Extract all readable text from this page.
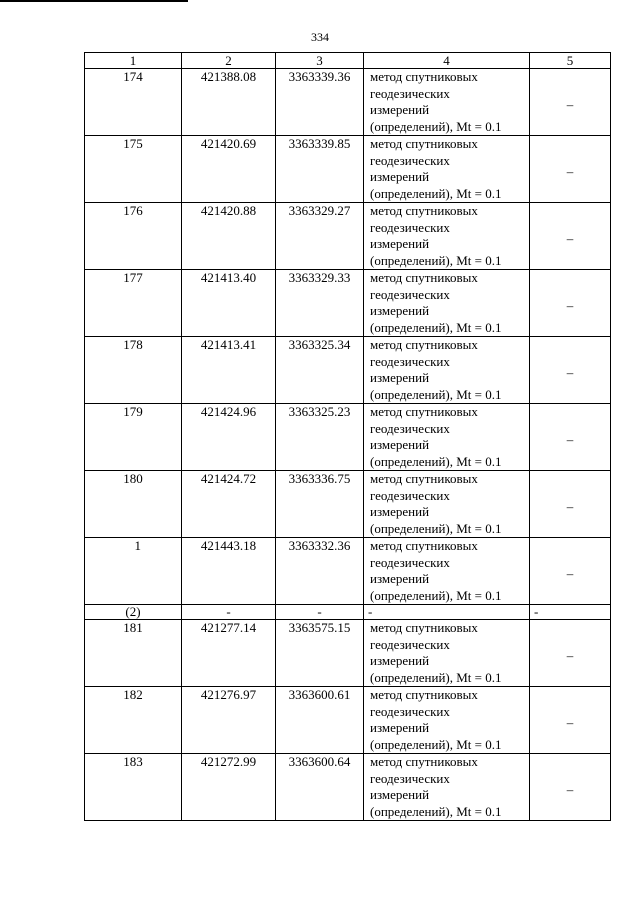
334
1	2	3	4	5
174	421388.08	3363339.36	метод спутниковых
геодезических
измерений
(определений), Mt = 0.1	–
175	421420.69	3363339.85	метод спутниковых
геодезических
измерений
(определений), Mt = 0.1	–
176	421420.88	3363329.27	метод спутниковых
геодезических
измерений
(определений), Mt = 0.1	–
177	421413.40	3363329.33	метод спутниковых
геодезических
измерений
(определений), Mt = 0.1	–
178	421413.41	3363325.34	метод спутниковых
геодезических
измерений
(определений), Mt = 0.1	–
179	421424.96	3363325.23	метод спутниковых
геодезических
измерений
(определений), Mt = 0.1	–
180	421424.72	3363336.75	метод спутниковых
геодезических
измерений
(определений), Mt = 0.1	–
1	421443.18	3363332.36	метод спутниковых
геодезических
измерений
(определений), Mt = 0.1	–
(2)	-	-	-	-
181	421277.14	3363575.15	метод спутниковых
геодезических
измерений
(определений), Mt = 0.1	–
182	421276.97	3363600.61	метод спутниковых
геодезических
измерений
(определений), Mt = 0.1	–
183	421272.99	3363600.64	метод спутниковых
геодезических
измерений
(определений), Mt = 0.1	–
